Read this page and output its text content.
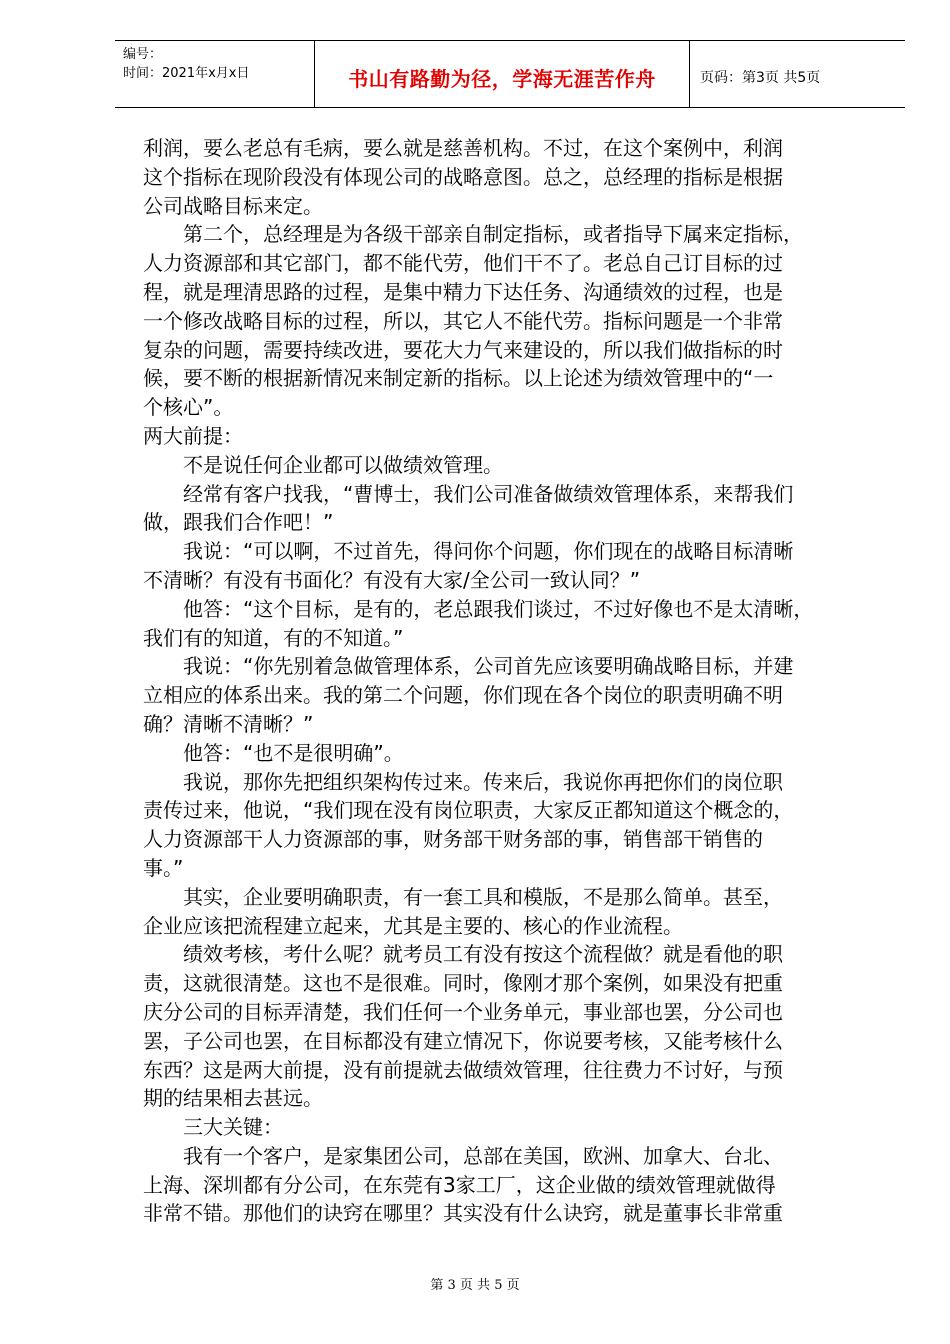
编号：
时间：2021年x月x日	书山有路勤为径，学海无涯苦作舟	页码：第3页 共5页

利润，要么老总有毛病，要么就是慈善机构。不过，在这个案例中，利润

这个指标在现阶段没有体现公司的战略意图。总之，总经理的指标是根据

公司战略目标来定。

　　第二个，总经理是为各级干部亲自制定指标，或者指导下属来定指标，

人力资源部和其它部门，都不能代劳，他们干不了。老总自己订目标的过

程，就是理清思路的过程，是集中精力下达任务、沟通绩效的过程，也是

一个修改战略目标的过程，所以，其它人不能代劳。指标问题是一个非常

复杂的问题，需要持续改进，要花大力气来建设的，所以我们做指标的时

候，要不断的根据新情况来制定新的指标。以上论述为绩效管理中的“一

个核心”。

两大前提：

　　不是说任何企业都可以做绩效管理。

　　经常有客户找我，“曹博士，我们公司准备做绩效管理体系，来帮我们

做，跟我们合作吧！”

　　我说：“可以啊，不过首先，得问你个问题，你们现在的战略目标清晰

不清晰？有没有书面化？有没有大家/全公司一致认同？”

　　他答：“这个目标，是有的，老总跟我们谈过，不过好像也不是太清晰，

我们有的知道，有的不知道。”

　　我说：“你先别着急做管理体系，公司首先应该要明确战略目标，并建

立相应的体系出来。我的第二个问题，你们现在各个岗位的职责明确不明

确？清晰不清晰？”

　　他答：“也不是很明确”。

　　我说，那你先把组织架构传过来。传来后，我说你再把你们的岗位职

责传过来，他说，“我们现在没有岗位职责，大家反正都知道这个概念的，

人力资源部干人力资源部的事，财务部干财务部的事，销售部干销售的

事。”

　　其实，企业要明确职责，有一套工具和模版，不是那么简单。甚至，

企业应该把流程建立起来，尤其是主要的、核心的作业流程。

　　绩效考核，考什么呢？就考员工有没有按这个流程做？就是看他的职

责，这就很清楚。这也不是很难。同时，像刚才那个案例，如果没有把重

庆分公司的目标弄清楚，我们任何一个业务单元，事业部也罢，分公司也

罢，子公司也罢，在目标都没有建立情况下，你说要考核，又能考核什么

东西？这是两大前提，没有前提就去做绩效管理，往往费力不讨好，与预

期的结果相去甚远。

　　三大关键：

　　我有一个客户，是家集团公司，总部在美国，欧洲、加拿大、台北、

上海、深圳都有分公司，在东莞有3家工厂，这企业做的绩效管理就做得

非常不错。那他们的诀窍在哪里？其实没有什么诀窍，就是董事长非常重

第 3 页 共 5 页
